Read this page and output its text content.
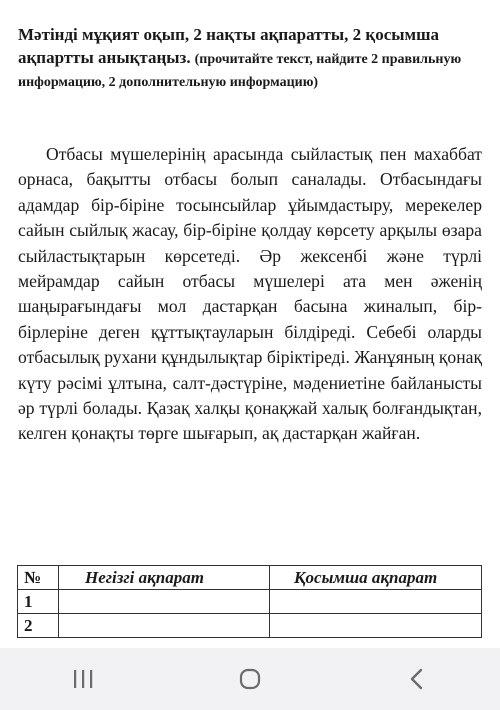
Мәтінді мұқият оқып, 2 нақты ақпаратты, 2 қосымша ақпартты анықтаңыз. (прочитайте текст, найдите 2 правильную информацию, 2 дополнительную информацию)

Отбасы мүшелерінің арасында сыйластық пен махаббат орнаса, бақытты отбасы болып саналады. Отбасындағы адамдар бір-біріне тосынсыйлар ұйымдастыру, мерекелер сайын сыйлық жасау, бір-біріне қолдау көрсету арқылы өзара сыйластықтарын көрсетеді. Әр жексенбі және түрлі мейрамдар сайын отбасы мүшелері ата мен әженің шаңырағындағы мол дастарқан басына жиналып, бір-бірлеріне деген құттықтауларын білдіреді. Себебі оларды отбасылық рухани құндылықтар біріктіреді. Жанұяның қонақ күту рәсімі ұлтына, салт-дәстүріне, мәдениетіне байланысты әр түрлі болады. Қазақ халқы қонақжай халық болғандықтан, келген қонақты төрге шығарып, ақ дастарқан жайған.

№	Негізгі ақпарат	Қосымша ақпарат
1		
2		
